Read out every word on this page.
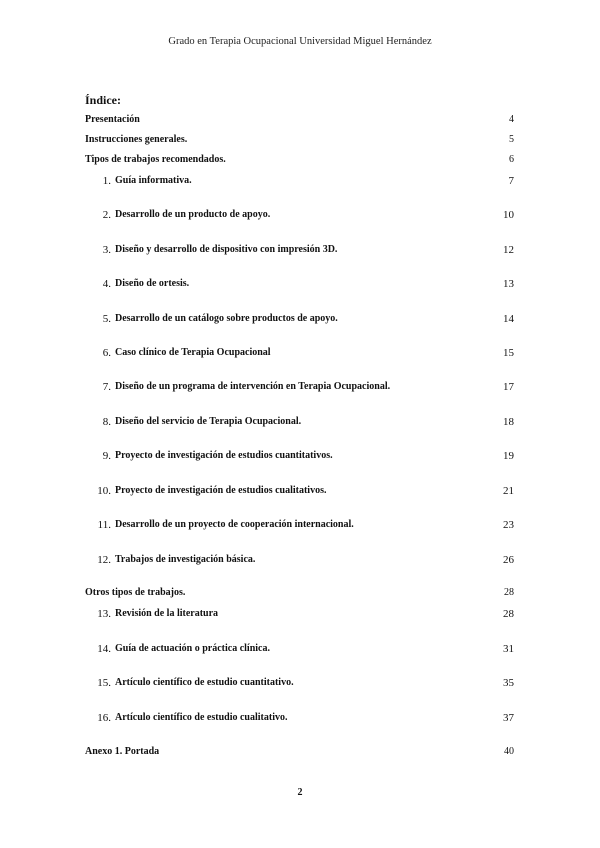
Grado en Terapia Ocupacional Universidad Miguel Hernández
Índice:
Presentación	4
Instrucciones generales.	5
Tipos de trabajos recomendados.	6
1. Guía informativa.	7
2. Desarrollo de un producto de apoyo.	10
3. Diseño y desarrollo de dispositivo con impresión 3D.	12
4. Diseño de ortesis.	13
5. Desarrollo de un catálogo sobre productos de apoyo.	14
6. Caso clínico de Terapia Ocupacional	15
7. Diseño de un programa de intervención en Terapia Ocupacional.	17
8. Diseño del servicio de Terapia Ocupacional.	18
9. Proyecto de investigación de estudios cuantitativos.	19
10. Proyecto de investigación de estudios cualitativos.	21
11. Desarrollo de un proyecto de cooperación internacional.	23
12. Trabajos de investigación básica.	26
Otros tipos de trabajos.	28
13. Revisión de la literatura	28
14. Guía de actuación o práctica clínica.	31
15. Artículo científico de estudio cuantitativo.	35
16. Artículo científico de estudio cualitativo.	37
Anexo 1. Portada	40
2
